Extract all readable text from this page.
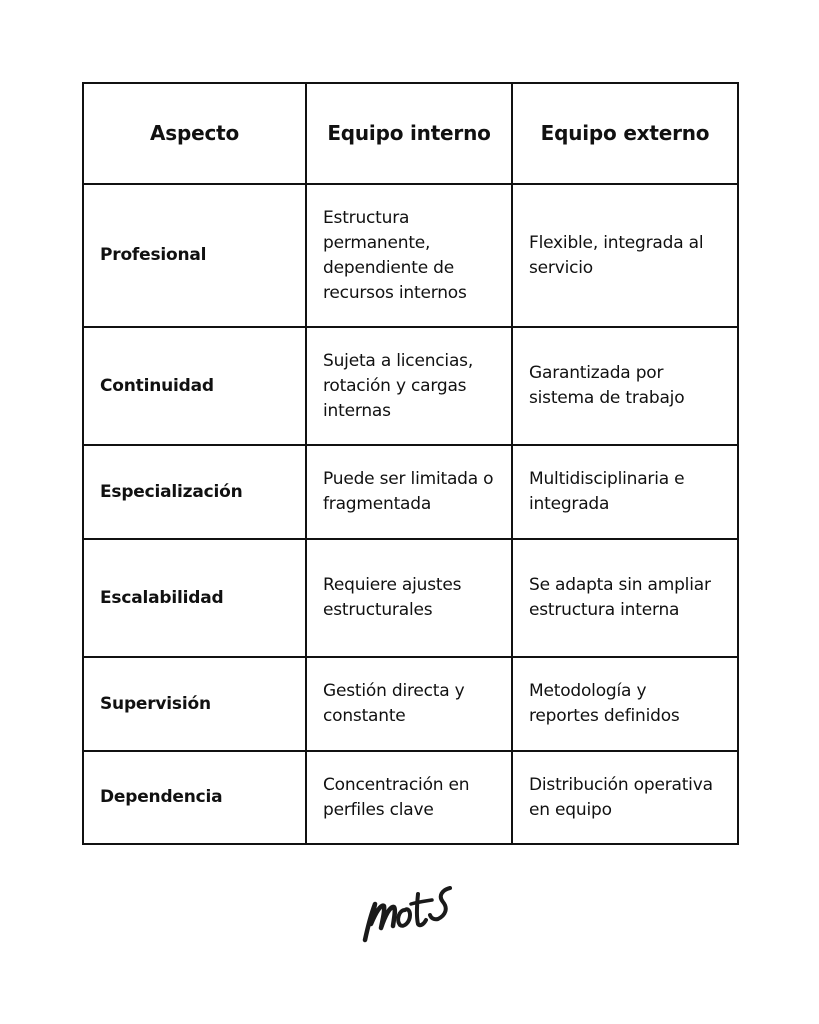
Aspecto	Equipo interno	Equipo externo
Profesional	Estructura permanente, dependiente de recursos internos	Flexible, integrada al servicio
Continuidad	Sujeta a licencias, rotación y cargas internas	Garantizada por sistema de trabajo
Especialización	Puede ser limitada o fragmentada	Multidisciplinaria e integrada
Escalabilidad	Requiere ajustes estructurales	Se adapta sin ampliar estructura interna
Supervisión	Gestión directa y constante	Metodología y reportes definidos
Dependencia	Concentración en perfiles clave	Distribución operativa en equipo
